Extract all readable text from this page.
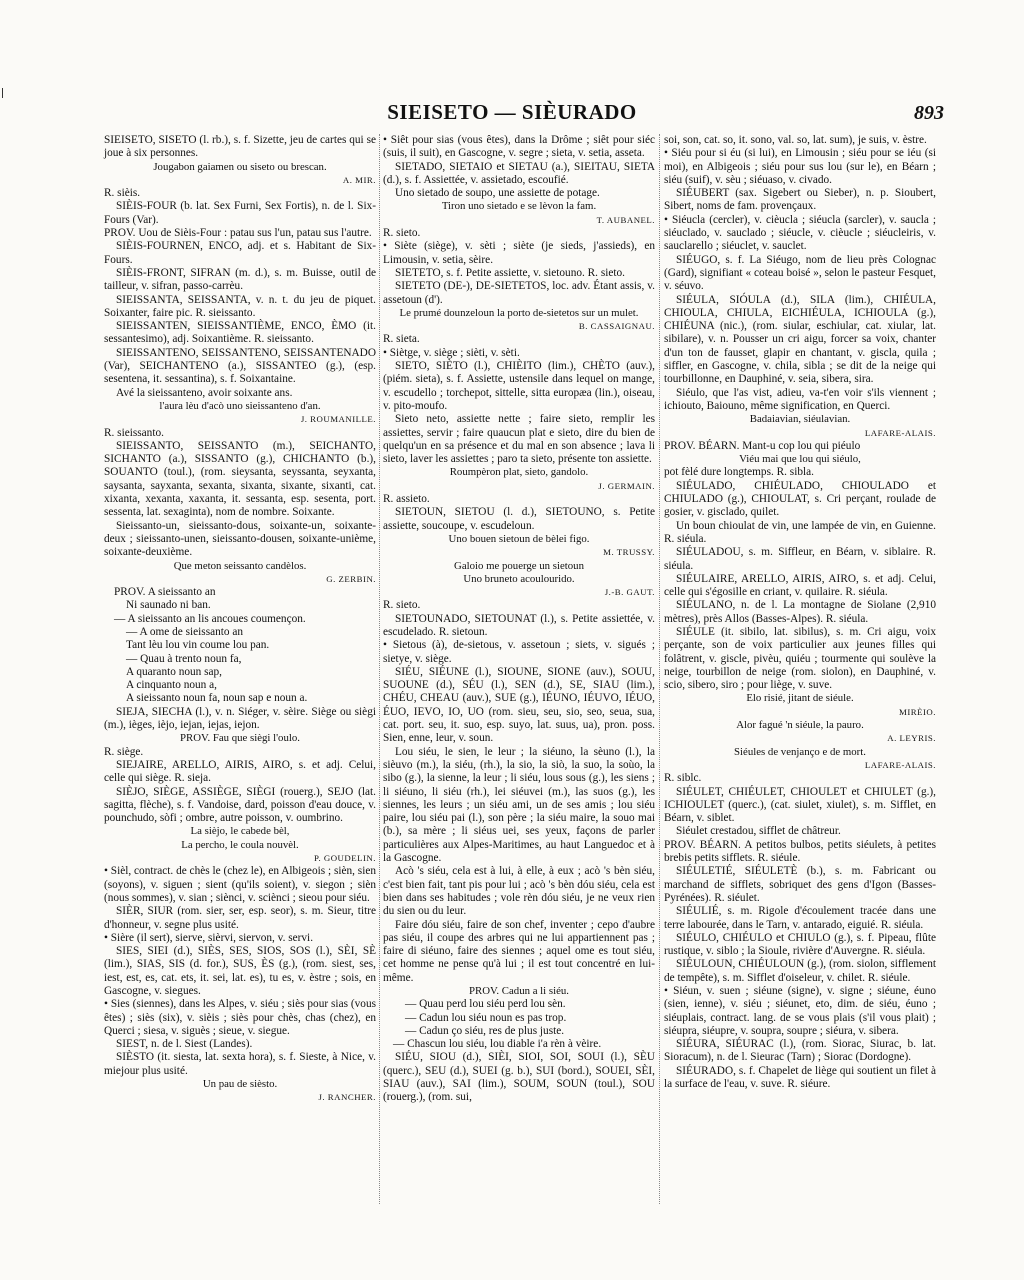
SIEISETO — SIÈURADO	893

SIEISETO, SISETO (l. rb.), s. f. Sizette, jeu de cartes qui se joue à six personnes.

Jougabon gaiamen ou siseto ou brescan.

A. MIR.

R. sièis.

SIÈIS-FOUR (b. lat. Sex Furni, Sex Fortis), n. de l. Six-Fours (Var).

PROV. Uou de Sièis-Four : patau sus l'un, patau sus l'autre.

SIÈIS-FOURNEN, ENCO, adj. et s. Habitant de Six-Fours.

SIÈIS-FRONT, SIFRAN (m. d.), s. m. Buisse, outil de tailleur, v. sifran, passo-carrèu.

SIEISSANTA, SEISSANTA, v. n. t. du jeu de piquet. Soixanter, faire pic. R. sieissanto.

SIEISSANTEN, SIEISSANTIÈME, ENCO, ÈMO (it. sessantesimo), adj. Soixantième. R. sieissanto.

SIEISSANTENO, SEISSANTENO, SEISSANTENADO (Var), SEICHANTENO (a.), SISSANTEO (g.), (esp. sesentena, it. sessantina), s. f. Soixantaine.

Avé la sieissanteno, avoir soixante ans.

l'aura lèu d'acò uno sieissanteno d'an.

J. ROUMANILLE.

R. sieissanto.

SIEISSANTO, SEISSANTO (m.), SEICHANTO, SICHANTO (a.), SISSANTO (g.), CHICHANTO (b.), SOUANTO (toul.), (rom. sieysanta, seyssanta, seyxanta, saysanta, sayxanta, sexanta, sixanta, sixante, sixanti, cat. xixanta, xexanta, xaxanta, it. sessanta, esp. sesenta, port. sessenta, lat. sexaginta), nom de nombre. Soixante.

Sieissanto-un, sieissanto-dous, soixante-un, soixante-deux ; sieissanto-unen, sieissanto-dousen, soixante-unième, soixante-deuxième.

Que meton seissanto candèlos.

G. ZERBIN.

PROV. A sieissanto an

Ni saunado ni ban.

— A sieissanto an lis ancoues coumençon.

— A ome de sieissanto an

Tant lèu lou vin coume lou pan.

— Quau à trento noun fa,

A quaranto noun sap,

A cinquanto noun a,

A sieissanto noun fa, noun sap e noun a.

SIEJA, SIECHA (l.), v. n. Siéger, v. sèire. Siège ou siègi (m.), ièges, ièjo, iejan, iejas, iejon.

PROV. Fau que siègi l'oulo.

R. siège.

SIEJAIRE, ARELLO, AIRIS, AIRO, s. et adj. Celui, celle qui siège. R. sieja.

SIÈJO, SIÈGE, ASSIÈGE, SIÈGI (rouerg.), SEJO (lat. sagitta, flèche), s. f. Vandoise, dard, poisson d'eau douce, v. pounchudo, sòfi ; ombre, autre poisson, v. oumbrino.

La sièjo, le cabede bèl,

La percho, le coula nouvèl.

P. GOUDELIN.

• Sièl, contract. de chès le (chez le), en Albigeois ; sièn, sien (soyons), v. siguen ; sient (qu'ils soient), v. siegon ; sièn (nous sommes), v. sian ; siènci, v. sciènci ; sieou pour siéu.

SIÈR, SIUR (rom. sier, ser, esp. seor), s. m. Sieur, titre d'honneur, v. segne plus usité.

• Sière (il sert), sierve, sièrvi, siervon, v. servi.

SIES, SIEI (d.), SIÈS, SES, SIOS, SOS (l.), SÈI, SÈ (lim.), SIAS, SIS (d. for.), SUS, ÈS (g.), (rom. siest, ses, iest, est, es, cat. ets, it. sei, lat. es), tu es, v. èstre ; sois, en Gascogne, v. siegues.

• Sies (siennes), dans les Alpes, v. siéu ; siès pour sias (vous êtes) ; siès (six), v. sièis ; siès pour chès, chas (chez), en Querci ; siesa, v. siguès ; sieue, v. siegue.

SIEST, n. de l. Siest (Landes).

SIÈSTO (it. siesta, lat. sexta hora), s. f. Sieste, à Nice, v. miejour plus usité.

Un pau de sièsto.

J. RANCHER.

• Siêt pour sias (vous êtes), dans la Drôme ; siêt pour siéc (suis, il suit), en Gascogne, v. segre ; sieta, v. setia, asseta.

SIETADO, SIETAIO et SIETAU (a.), SIEITAU, SIETA (d.), s. f. Assiettée, v. assietado, escoufié.

Uno sietado de soupo, une assiette de potage.

Tiron uno sietado e se lèvon la fam.

T. AUBANEL.

R. sieto.

• Siète (siège), v. sèti ; siète (je sieds, j'assieds), en Limousin, v. setia, sèire.

SIETETO, s. f. Petite assiette, v. sietouno. R. sieto.

SIETETO (DE-), DE-SIETETOS, loc. adv. Étant assis, v. assetoun (d').

Le prumé dounzeloun la porto de-sietetos sur un mulet.

B. CASSAIGNAU.

R. sieta.

• Siètge, v. siège ; sièti, v. sèti.

SIETO, SIÈTO (l.), CHIÈITO (lim.), CHÈTO (auv.), (piém. sieta), s. f. Assiette, ustensile dans lequel on mange, v. escudello ; torchepot, sittelle, sitta europæa (lin.), oiseau, v. pito-moufo.

Sieto neto, assiette nette ; faire sieto, remplir les assiettes, servir ; faire quaucun plat e sieto, dire du bien de quelqu'un en sa présence et du mal en son absence ; lava li sieto, laver les assiettes ; paro ta sieto, présente ton assiette.

Roumpèron plat, sieto, gandolo.

J. GERMAIN.

R. assieto.

SIETOUN, SIETOU (l. d.), SIETOUNO, s. Petite assiette, soucoupe, v. escudeloun.

Uno bouen sietoun de bèlei figo.

M. TRUSSY.

Galoio me pouerge un sietoun

Uno bruneto acoulourido.

J.-B. GAUT.

R. sieto.

SIETOUNADO, SIETOUNAT (l.), s. Petite assiettée, v. escudelado. R. sietoun.

• Sietous (à), de-sietous, v. assetoun ; siets, v. sigués ; sietye, v. siège.

SIÉU, SIÉUNE (l.), SIOUNE, SIONE (auv.), SOUU, SUOUNE (d.), SÉU (l.), SEN (d.), SE, SIAU (lim.), CHÉU, CHEAU (auv.), SUE (g.), IÉUNO, IÉUVO, IÉUO, ÉUO, IEVO, IO, UO (rom. sieu, seu, sio, seo, seua, sua, cat. port. seu, it. suo, esp. suyo, lat. suus, ua), pron. poss. Sien, enne, leur, v. soun.

Lou siéu, le sien, le leur ; la siéuno, la sèuno (l.), la sièuvo (m.), la siéu, (rh.), la sio, la siò, la suo, la soùo, la sibo (g.), la sienne, la leur ; li siéu, lous sous (g.), les siens ; li siéuno, li siéu (rh.), lei siéuvei (m.), las suos (g.), les siennes, les leurs ; un siéu ami, un de ses amis ; lou siéu paire, lou siéu pai (l.), son père ; la siéu maire, la souo mai (b.), sa mère ; li siéus uei, ses yeux, façons de parler particulières aux Alpes-Maritimes, au haut Languedoc et à la Gascogne.

Acò 's siéu, cela est à lui, à elle, à eux ; acò 's bèn siéu, c'est bien fait, tant pis pour lui ; acò 's bèn dóu siéu, cela est bien dans ses habitudes ; vole rèn dóu siéu, je ne veux rien du sien ou du leur.

Faire dóu siéu, faire de son chef, inventer ; cepo d'aubre pas siéu, il coupe des arbres qui ne lui appartiennent pas ; faire di siéuno, faire des siennes ; aquel ome es tout siéu, cet homme ne pense qu'à lui ; il est tout concentré en lui-même.

PROV. Cadun a li siéu.

— Quau perd lou siéu perd lou sèn.

— Cadun lou siéu noun es pas trop.

— Cadun ço siéu, res de plus juste.

— Chascun lou siéu, lou diable i'a rèn à vèire.

SIÉU, SIOU (d.), SIÈI, SIOI, SOI, SOUI (l.), SÈU (querc.), SEU (d.), SUEI (g. b.), SUI (bord.), SOUEI, SÈI, SIAU (auv.), SAI (lim.), SOUM, SOUN (toul.), SOU (rouerg.), (rom. sui,

soi, son, cat. so, it. sono, val. so, lat. sum), je suis, v. èstre.

• Siéu pour si éu (si lui), en Limousin ; siéu pour se iéu (si moi), en Albigeois ; siéu pour sus lou (sur le), en Béarn ; siéu (suif), v. sèu ; siéuaso, v. civado.

SIÉUBERT (sax. Sigebert ou Sieber), n. p. Sioubert, Sibert, noms de fam. provençaux.

• Siéucla (cercler), v. cièucla ; siéucla (sarcler), v. saucla ; siéuclado, v. sauclado ; siéucle, v. cièucle ; siéucleiris, v. sauclarello ; siéuclet, v. sauclet.

SIÉUGO, s. f. La Siéugo, nom de lieu près Colognac (Gard), signifiant « coteau boisé », selon le pasteur Fesquet, v. séuvo.

SIÉULA, SIÓULA (d.), SILA (lim.), CHIÉULA, CHIOULA, CHIULA, EICHIÉULA, ICHIOULA (g.), CHIÉUNA (nic.), (rom. siular, eschiular, cat. xiular, lat. sibilare), v. n. Pousser un cri aigu, forcer sa voix, chanter d'un ton de fausset, glapir en chantant, v. giscla, quila ; siffler, en Gascogne, v. chila, sibla ; se dit de la neige qui tourbillonne, en Dauphiné, v. seia, sibera, sira.

Siéulo, que l'as vist, adieu, va-t'en voir s'ils viennent ; ichiouto, Baiouno, même signification, en Querci.

Badaiavian, siéulavian.

LAFARE-ALAIS.

PROV. BÉARN. Mant-u cop lou qui piéulo

Viéu mai que lou qui siéulo,

pot fèlé dure longtemps. R. sibla.

SIÉULADO, CHIÉULADO, CHIOULADO et CHIULADO (g.), CHIOULAT, s. Cri perçant, roulade de gosier, v. giscladо, quilet.

Un boun chioulat de vin, une lampée de vin, en Guienne. R. siéula.

SIÉULADOU, s. m. Siffleur, en Béarn, v. siblaire. R. siéula.

SIÉULAIRE, ARELLO, AIRIS, AIRO, s. et adj. Celui, celle qui s'égosille en criant, v. quilaire. R. siéula.

SIÉULANO, n. de l. La montagne de Siolane (2,910 mètres), près Allos (Basses-Alpes). R. siéula.

SIÉULE (it. sibilo, lat. sibilus), s. m. Cri aigu, voix perçante, son de voix particulier aux jeunes filles qui folâtrent, v. giscle, pivèu, quiéu ; tourmente qui soulève la neige, tourbillon de neige (rom. siolon), en Dauphiné, v. scio, sibero, siro ; pour liège, v. suve.

Elo risié, jitant de siéule.

MIRÈIO.

Alor fagué 'n siéule, la pauro.

A. LEYRIS.

Siéules de venjanço e de mort.

LAFARE-ALAIS.

R. siblc.

SIÉULET, CHIÉULET, CHIOULET et CHIULET (g.), ICHIOULET (querc.), (cat. siulet, xiulet), s. m. Sifflet, en Béarn, v. siblet.

Siéulet crestadou, sifflet de châtreur.

PROV. BÉARN. A petitos bulbos, petits siéulets, à petites brebis petits sifflets. R. siéule.

SIÉULETIÉ, SIÉULETÈ (b.), s. m. Fabricant ou marchand de sifflets, sobriquet des gens d'Igon (Basses-Pyrénées). R. siéulet.

SIÉULIÉ, s. m. Rigole d'écoulement tracée dans une terre labourée, dans le Tarn, v. antarado, eiguié. R. siéula.

SIÉULO, CHIÉULO et CHIULO (g.), s. f. Pipeau, flûte rustique, v. siblo ; la Sioule, rivière d'Auvergne. R. siéula.

SIÉULOUN, CHIÉULOUN (g.), (rom. siolon, sifflement de tempête), s. m. Sifflet d'oiseleur, v. chilet. R. siéule.

• Siéun, v. suen ; siéune (signe), v. signe ; siéune, éuno (sien, ienne), v. siéu ; siéunet, eto, dim. de siéu, éuno ; siéuplais, contract. lang. de se vous plais (s'il vous plait) ; siéupra, siéupre, v. soupra, soupre ; siéura, v. sibera.

SIÉURA, SIÉURAC (l.), (rom. Siorac, Siurac, b. lat. Sioracum), n. de l. Sieurac (Tarn) ; Siorac (Dordogne).

SIÉURADO, s. f. Chapelet de liège qui soutient un filet à la surface de l'eau, v. suve. R. siéure.
